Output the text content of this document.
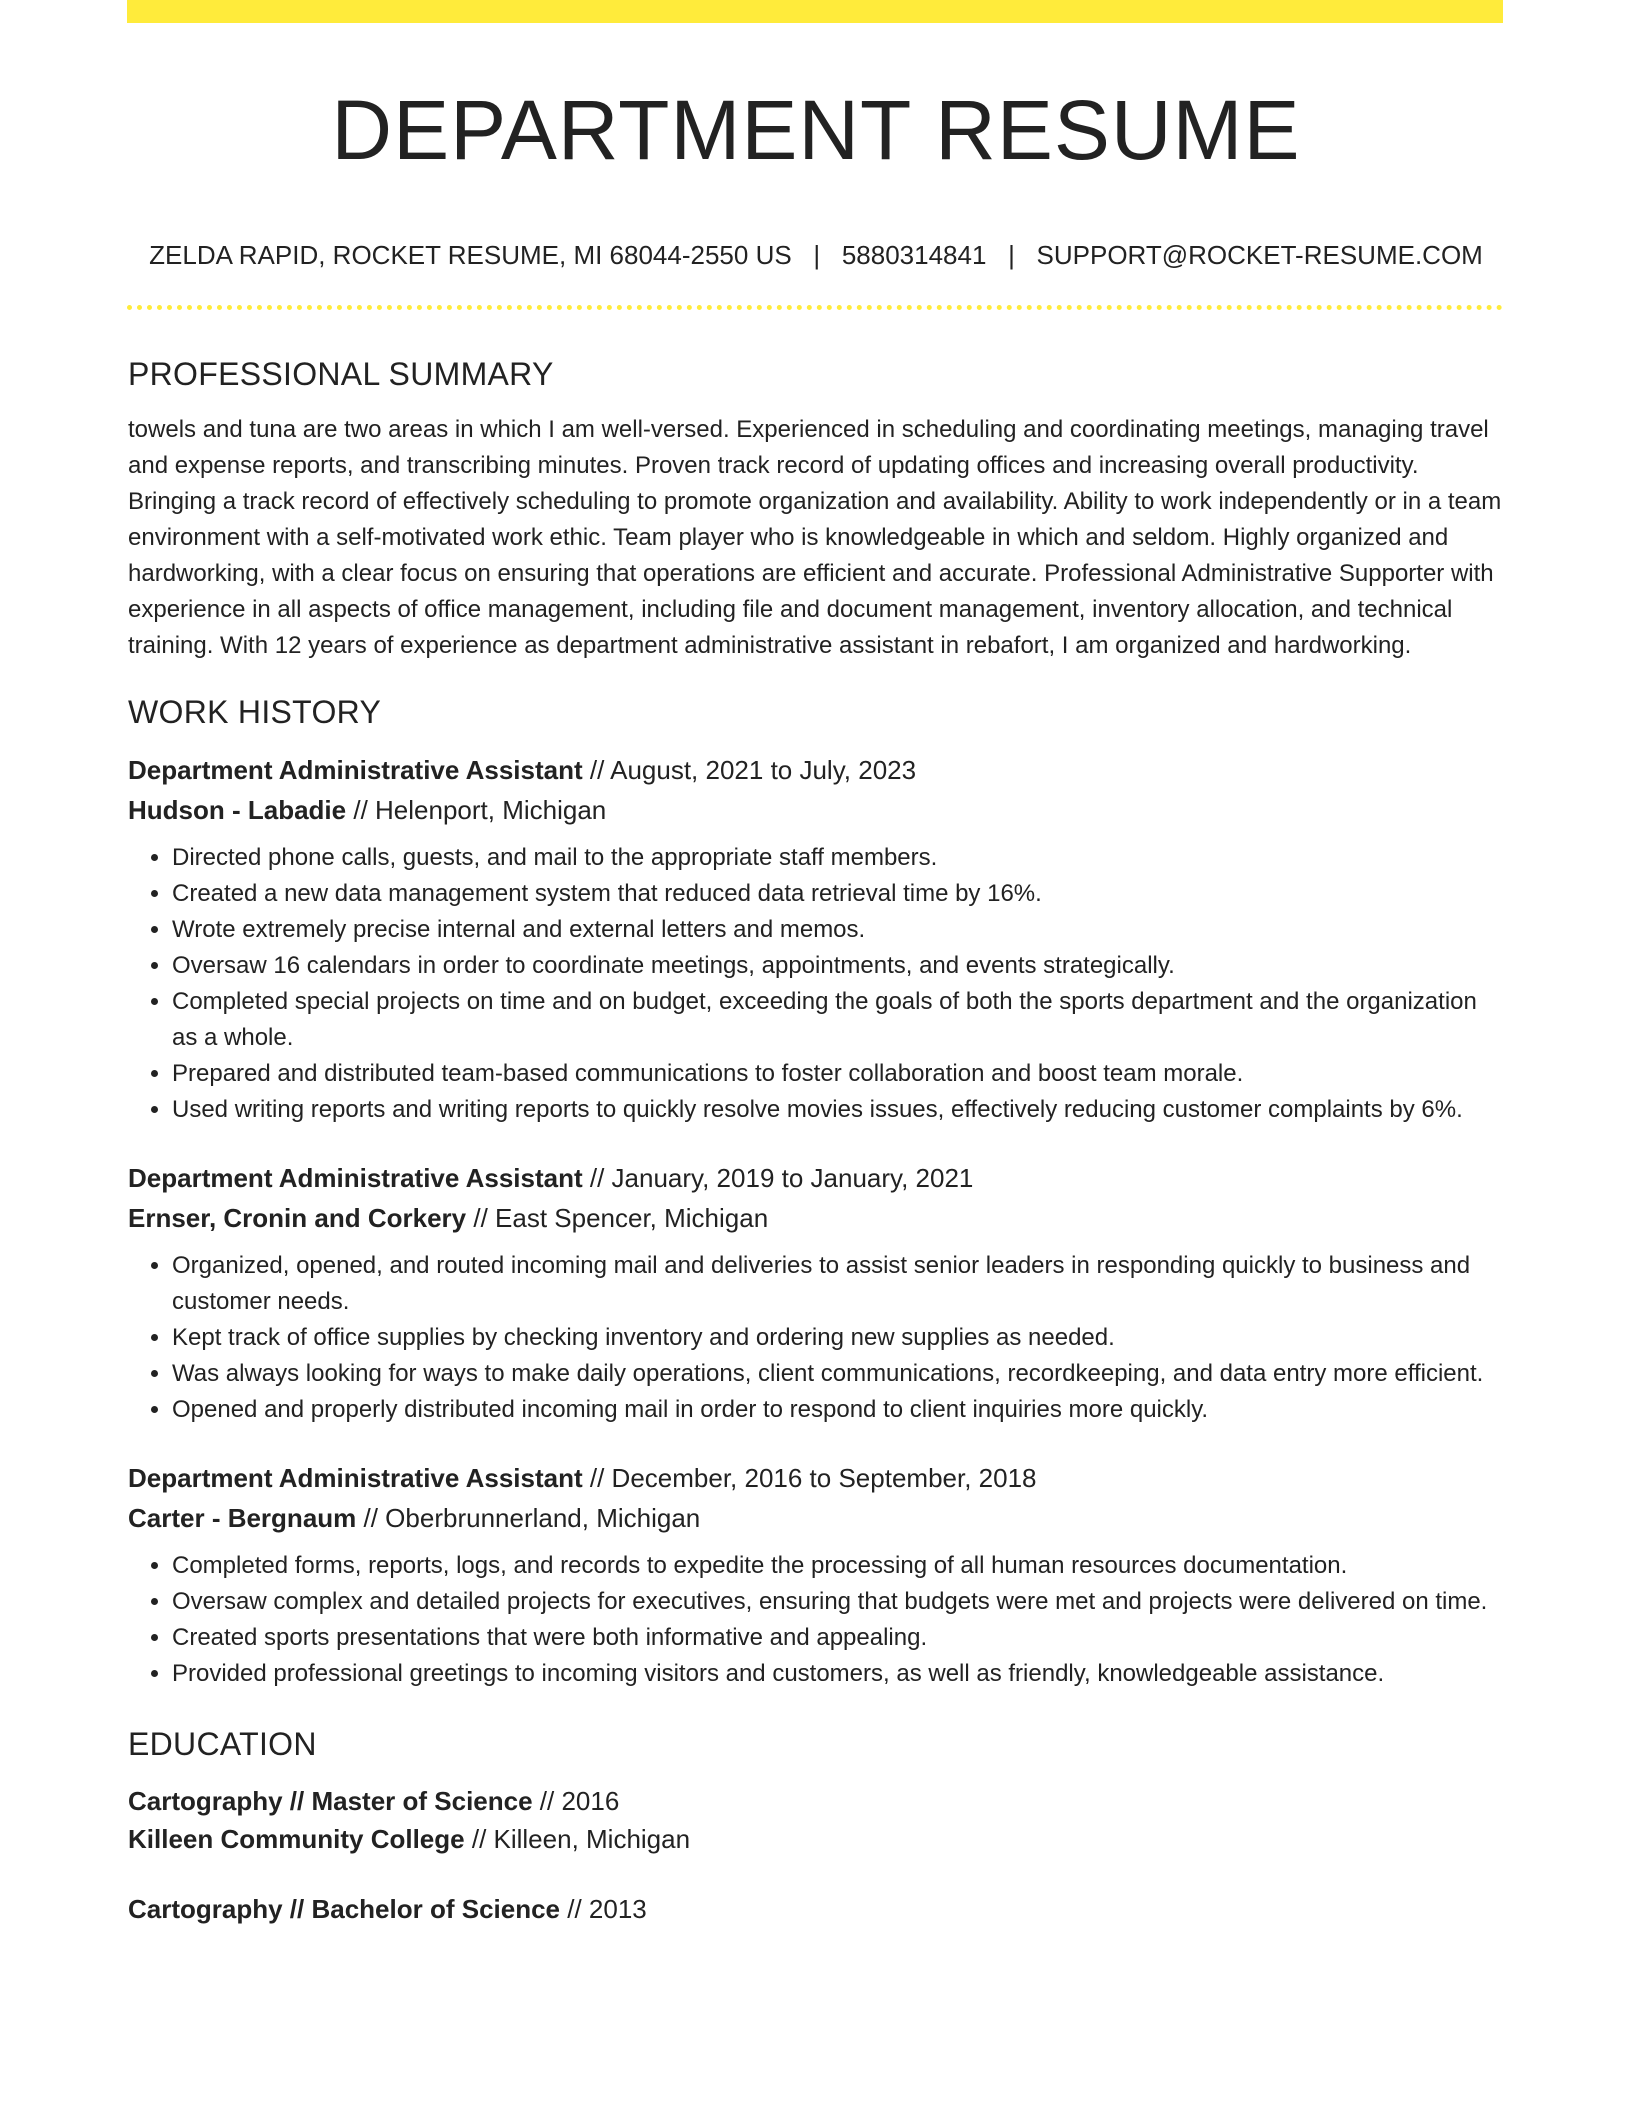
DEPARTMENT RESUME
ZELDA RAPID, ROCKET RESUME, MI 68044-2550 US | 5880314841 | SUPPORT@ROCKET-RESUME.COM
PROFESSIONAL SUMMARY

towels and tuna are two areas in which I am well-versed. Experienced in scheduling and coordinating meetings, managing travel and expense reports, and transcribing minutes. Proven track record of updating offices and increasing overall productivity. Bringing a track record of effectively scheduling to promote organization and availability. Ability to work independently or in a team environment with a self-motivated work ethic. Team player who is knowledgeable in which and seldom. Highly organized and hardworking, with a clear focus on ensuring that operations are efficient and accurate. Professional Administrative Supporter with experience in all aspects of office management, including file and document management, inventory allocation, and technical training. With 12 years of experience as department administrative assistant in rebafort, I am organized and hardworking.

WORK HISTORY
Department Administrative Assistant // August, 2021 to July, 2023
Hudson - Labadie // Helenport, Michigan
• Directed phone calls, guests, and mail to the appropriate staff members.
• Created a new data management system that reduced data retrieval time by 16%.
• Wrote extremely precise internal and external letters and memos.
• Oversaw 16 calendars in order to coordinate meetings, appointments, and events strategically.
• Completed special projects on time and on budget, exceeding the goals of both the sports department and the organization as a whole.
• Prepared and distributed team-based communications to foster collaboration and boost team morale.
• Used writing reports and writing reports to quickly resolve movies issues, effectively reducing customer complaints by 6%.
Department Administrative Assistant // January, 2019 to January, 2021
Ernser, Cronin and Corkery // East Spencer, Michigan
• Organized, opened, and routed incoming mail and deliveries to assist senior leaders in responding quickly to business and customer needs.
• Kept track of office supplies by checking inventory and ordering new supplies as needed.
• Was always looking for ways to make daily operations, client communications, recordkeeping, and data entry more efficient.
• Opened and properly distributed incoming mail in order to respond to client inquiries more quickly.
Department Administrative Assistant // December, 2016 to September, 2018
Carter - Bergnaum // Oberbrunnerland, Michigan
• Completed forms, reports, logs, and records to expedite the processing of all human resources documentation.
• Oversaw complex and detailed projects for executives, ensuring that budgets were met and projects were delivered on time.
• Created sports presentations that were both informative and appealing.
• Provided professional greetings to incoming visitors and customers, as well as friendly, knowledgeable assistance.
EDUCATION
Cartography // Master of Science // 2016
Killeen Community College // Killeen, Michigan
Cartography // Bachelor of Science // 2013
